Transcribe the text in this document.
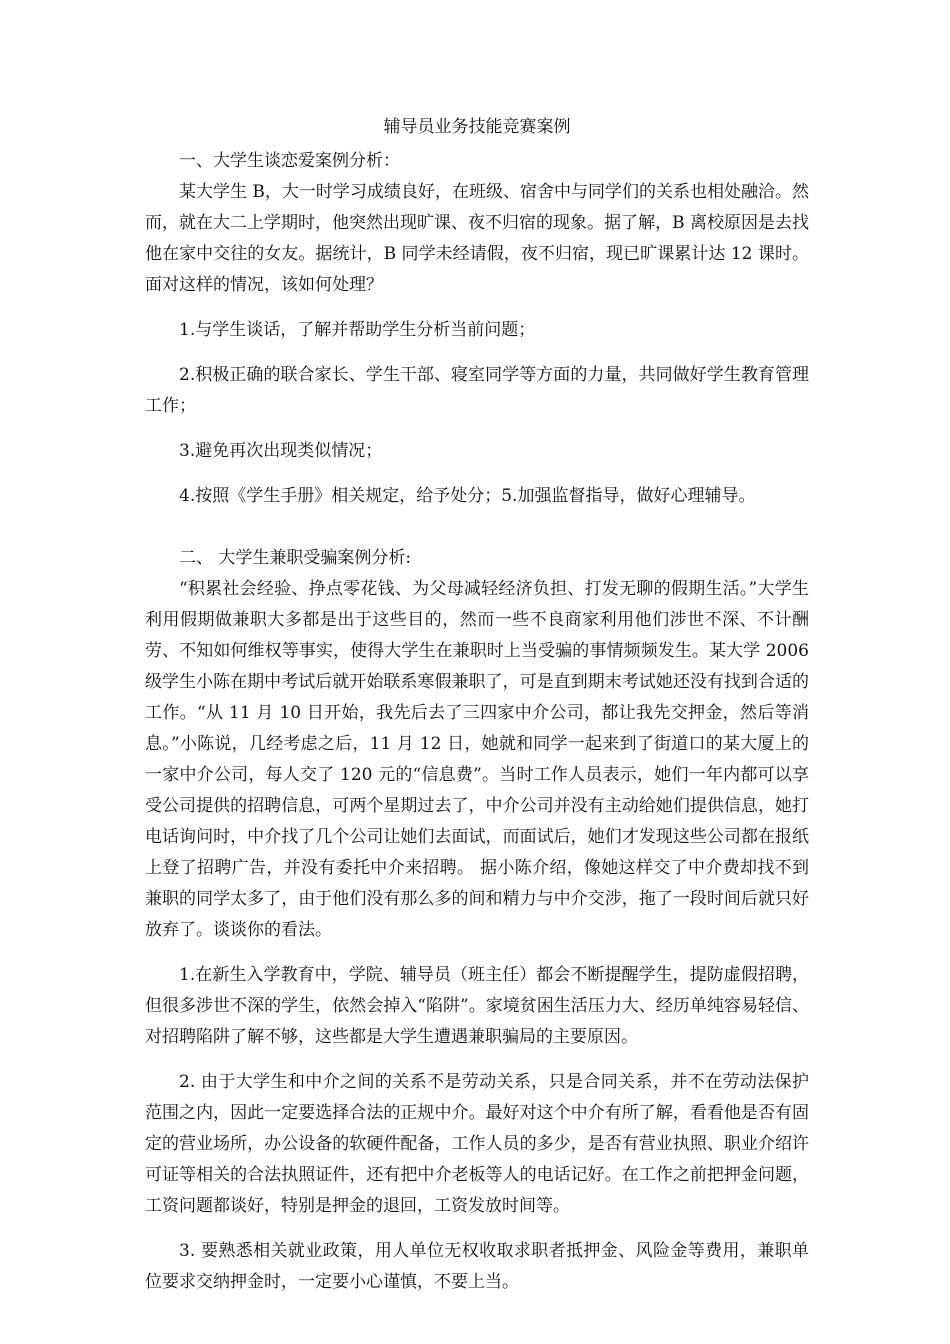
辅导员业务技能竞赛案例

一、大学生谈恋爱案例分析：

某大学生 B，大一时学习成绩良好，在班级、宿舍中与同学们的关系也相处融洽。然而，就在大二上学期时，他突然出现旷课、夜不归宿的现象。据了解，B 离校原因是去找他在家中交往的女友。据统计，B 同学未经请假，夜不归宿，现已旷课累计达 12 课时。面对这样的情况，该如何处理？

1.与学生谈话，了解并帮助学生分析当前问题；

2.积极正确的联合家长、学生干部、寝室同学等方面的力量，共同做好学生教育管理工作；

3.避免再次出现类似情况；

4.按照《学生手册》相关规定，给予处分；5.加强监督指导，做好心理辅导。

二、 大学生兼职受骗案例分析:

“积累社会经验、挣点零花钱、为父母减轻经济负担、打发无聊的假期生活。”大学生利用假期做兼职大多都是出于这些目的，然而一些不良商家利用他们涉世不深、不计酬劳、不知如何维权等事实，使得大学生在兼职时上当受骗的事情频频发生。某大学 2006 级学生小陈在期中考试后就开始联系寒假兼职了，可是直到期末考试她还没有找到合适的工作。“从 11 月 10 日开始，我先后去了三四家中介公司，都让我先交押金，然后等消息。”小陈说，几经考虑之后，11 月 12 日，她就和同学一起来到了街道口的某大厦上的一家中介公司，每人交了 120 元的“信息费”。当时工作人员表示，她们一年内都可以享受公司提供的招聘信息，可两个星期过去了，中介公司并没有主动给她们提供信息，她打电话询问时，中介找了几个公司让她们去面试，而面试后，她们才发现这些公司都在报纸上登了招聘广告，并没有委托中介来招聘。 据小陈介绍，像她这样交了中介费却找不到兼职的同学太多了，由于他们没有那么多的间和精力与中介交涉，拖了一段时间后就只好放弃了。谈谈你的看法。

1.在新生入学教育中，学院、辅导员（班主任）都会不断提醒学生，提防虚假招聘，但很多涉世不深的学生，依然会掉入“陷阱”。家境贫困生活压力大、经历单纯容易轻信、对招聘陷阱了解不够，这些都是大学生遭遇兼职骗局的主要原因。

2. 由于大学生和中介之间的关系不是劳动关系，只是合同关系，并不在劳动法保护范围之内，因此一定要选择合法的正规中介。最好对这个中介有所了解，看看他是否有固定的营业场所，办公设备的软硬件配备，工作人员的多少，是否有营业执照、职业介绍许可证等相关的合法执照证件，还有把中介老板等人的电话记好。在工作之前把押金问题，工资问题都谈好，特别是押金的退回，工资发放时间等。

3. 要熟悉相关就业政策，用人单位无权收取求职者抵押金、风险金等费用，兼职单位要求交纳押金时，一定要小心谨慎，不要上当。
